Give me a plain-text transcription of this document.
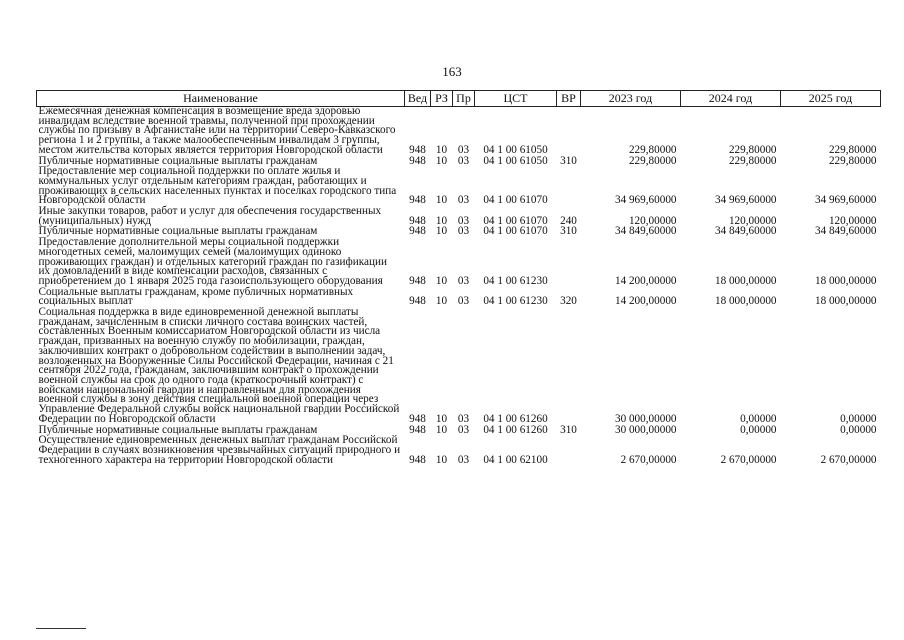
163
Наименование	Вед	РЗ	Пр	ЦСТ	ВР	2023 год	2024 год	2025 год
Ежемесячная денежная компенсация в возмещение вреда здоровью инвалидам вследствие военной травмы, полученной при прохождении службы по призыву в Афганистане или на территории Северо-Кавказского региона 1 и 2 группы, а также малообеспеченным инвалидам 3 группы, местом жительства которых является территория Новгородской области	948	10	03	04 1 00 61050		229,80000	229,80000	229,80000
Публичные нормативные социальные выплаты гражданам	948	10	03	04 1 00 61050	310	229,80000	229,80000	229,80000
Предоставление мер социальной поддержки по оплате жилья и коммунальных услуг отдельным категориям граждан, работающих и проживающих в сельских населенных пунктах и поселках городского типа Новгородской области	948	10	03	04 1 00 61070		34 969,60000	34 969,60000	34 969,60000
Иные закупки товаров, работ и услуг для обеспечения государственных (муниципальных) нужд	948	10	03	04 1 00 61070	240	120,00000	120,00000	120,00000
Публичные нормативные социальные выплаты гражданам	948	10	03	04 1 00 61070	310	34 849,60000	34 849,60000	34 849,60000
Предоставление дополнительной меры социальной поддержки многодетных семей, малоимущих семей (малоимущих одиноко проживающих граждан) и отдельных категорий граждан по газификации их домовладений в виде компенсации расходов, связанных с приобретением до 1 января 2025 года газоиспользующего оборудования	948	10	03	04 1 00 61230		14 200,00000	18 000,00000	18 000,00000
Социальные выплаты гражданам, кроме публичных нормативных социальных выплат	948	10	03	04 1 00 61230	320	14 200,00000	18 000,00000	18 000,00000
Социальная поддержка в виде единовременной денежной выплаты гражданам, зачисленным в списки личного состава воинских частей, составленных Военным комиссариатом Новгородской области из числа граждан, призванных на военную службу по мобилизации, граждан, заключивших контракт о добровольном содействии в выполнении задач, возложенных на Вооруженные Силы Российской Федерации, начиная с 21 сентября 2022 года, гражданам, заключившим контракт о прохождении военной службы на срок до одного года (краткосрочный контракт) с войсками национальной гвардии и направленным для прохождения военной службы в зону действия специальной военной операции через Управление Федеральной службы войск национальной гвардии Российской Федерации по Новгородской области	948	10	03	04 1 00 61260		30 000,00000	0,00000	0,00000
Публичные нормативные социальные выплаты гражданам	948	10	03	04 1 00 61260	310	30 000,00000	0,00000	0,00000
Осуществление единовременных денежных выплат гражданам Российской Федерации в случаях возникновения чрезвычайных ситуаций природного и техногенного характера на территории Новгородской области	948	10	03	04 1 00 62100		2 670,00000	2 670,00000	2 670,00000
